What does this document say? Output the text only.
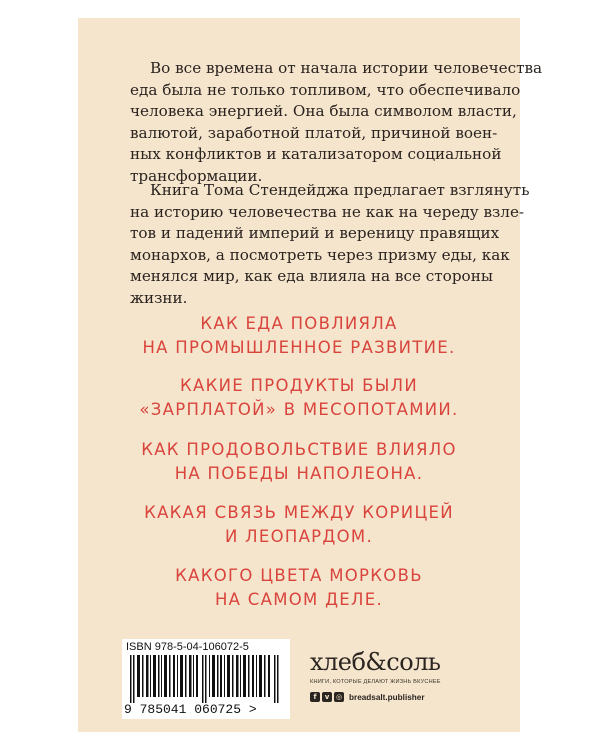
Во все времена от начала истории человечества
еда была не только топливом, что обеспечивало
человека энергией. Она была символом власти,
валютой, заработной платой, причиной воен-
ных конфликтов и катализатором социальной
трансформации.
Книга Тома Стендейджа предлагает взглянуть
на историю человечества не как на череду взле-
тов и падений империй и вереницу правящих
монархов, а посмотреть через призму еды, как
менялся мир, как еда влияла на все стороны
жизни.
КАК ЕДА ПОВЛИЯЛА
НА ПРОМЫШЛЕННОЕ РАЗВИТИЕ.
КАКИЕ ПРОДУКТЫ БЫЛИ
«ЗАРПЛАТОЙ» В МЕСОПОТАМИИ.
КАК ПРОДОВОЛЬСТВИЕ ВЛИЯЛО
НА ПОБЕДЫ НАПОЛЕОНА.
КАКАЯ СВЯЗЬ МЕЖДУ КОРИЦЕЙ
И ЛЕОПАРДОМ.
КАКОГО ЦВЕТА МОРКОВЬ
НА САМОМ ДЕЛЕ.
ISBN 978-5-04-106072-5
9 785041 060725 >
хлеб&соль
КНИГИ, КОТОРЫЕ ДЕЛАЮТ ЖИЗНЬ ВКУСНЕЕ
f	v ◎ breadsalt.publisher
